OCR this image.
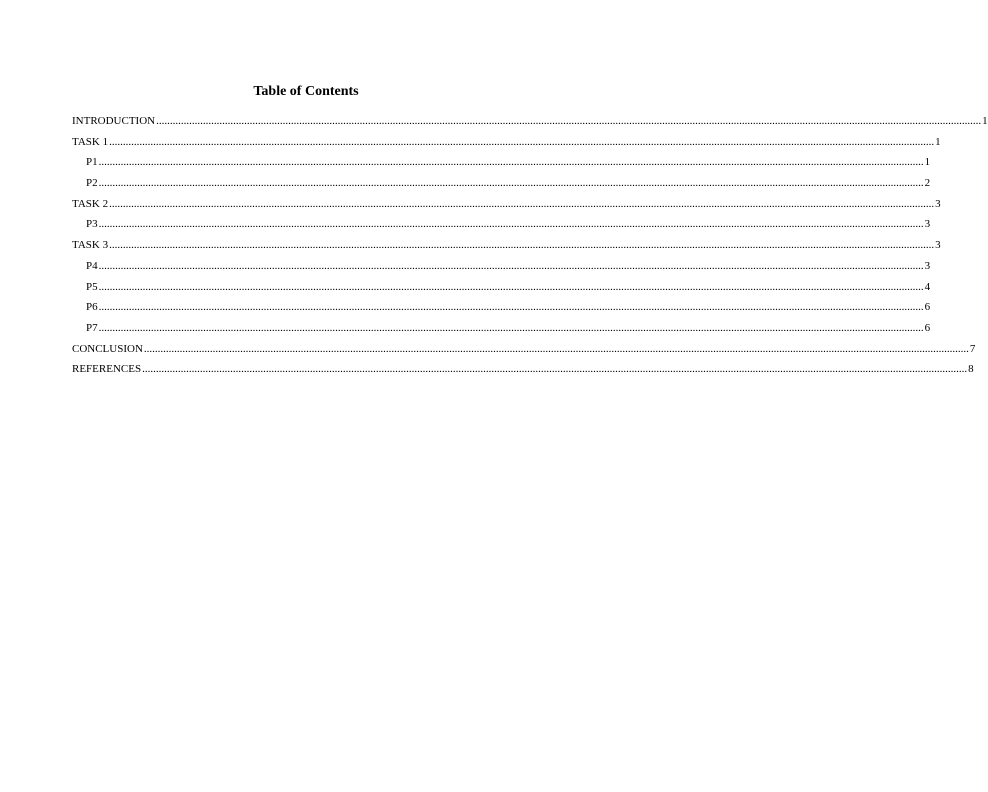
Table of Contents
INTRODUCTION ............................................................................................................................................................................................................................................................................................................ 1
TASK 1 ............................................................................................................................................................................................................................................................................................................ 1
P1 ............................................................................................................................................................................................................................................................................................................ 1
P2 ............................................................................................................................................................................................................................................................................................................ 2
TASK 2 ............................................................................................................................................................................................................................................................................................................ 3
P3 ............................................................................................................................................................................................................................................................................................................ 3
TASK 3 ............................................................................................................................................................................................................................................................................................................ 3
P4 ............................................................................................................................................................................................................................................................................................................ 3
P5 ............................................................................................................................................................................................................................................................................................................ 4
P6 ............................................................................................................................................................................................................................................................................................................ 6
P7 ............................................................................................................................................................................................................................................................................................................ 6
CONCLUSION ............................................................................................................................................................................................................................................................................................................ 7
REFERENCES ............................................................................................................................................................................................................................................................................................................ 8
